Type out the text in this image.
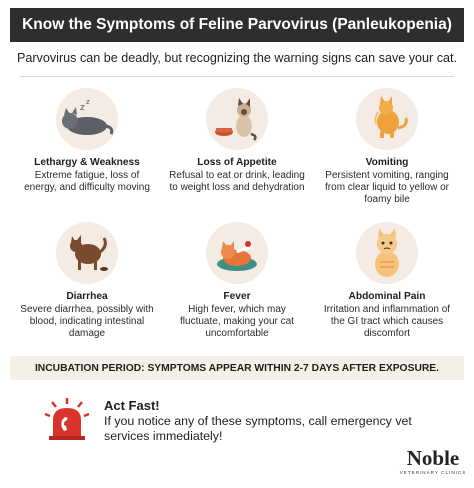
Know the Symptoms of Feline Parvovirus (Panleukopenia)
Parvovirus can be deadly, but recognizing the warning signs can save your cat.
z
z
Lethargy & Weakness
Extreme fatigue, loss of energy, and difficulty moving
Loss of Appetite
Refusal to eat or drink, leading to weight loss and dehydration
Vomiting
Persistent vomiting, ranging from clear liquid to yellow or foamy bile
Diarrhea
Severe diarrhea, possibly with blood, indicating intestinal damage
Fever
High fever, which may fluctuate, making your cat uncomfortable
Abdominal Pain
Irritation and inflammation of the GI tract which causes discomfort
INCUBATION PERIOD: SYMPTOMS APPEAR WITHIN 2-7 DAYS AFTER EXPOSURE.
Act Fast!
If you notice any of these symptoms, call emergency vet services immediately!
Noble
VETERINARY CLINICS
